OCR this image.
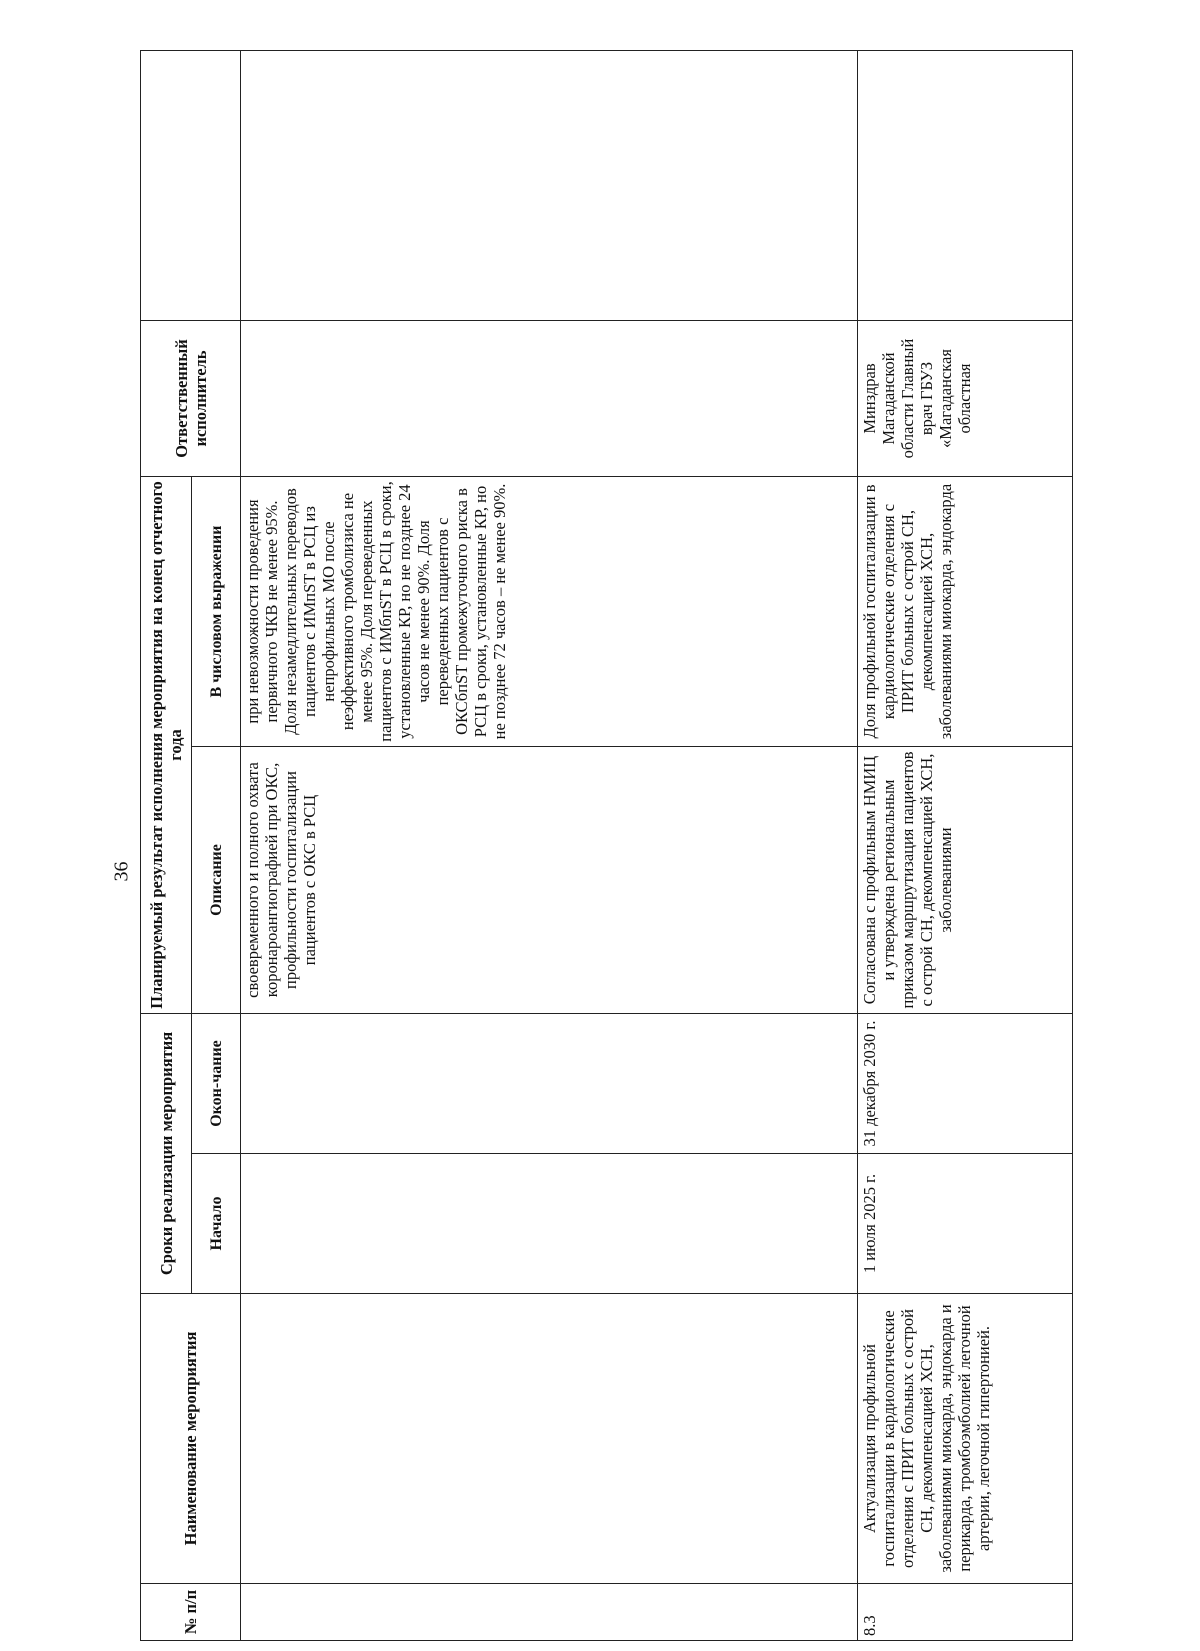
36
№ п/п	Наименование мероприятия	Сроки реализации мероприятия		Планируемый результат исполнения мероприятия на конец отчетного года		Ответственный исполнитель	
		Начало	Окон-чание	Описание	В числовом выражении		
				своевременного и полного охвата коронароангиографией при ОКС, профильности госпитализации пациентов с ОКС в РСЦ	при невозможности проведения первичного ЧКВ не менее 95%. Доля незамедлительных переводов пациентов с ИМпST в РСЦ из непрофильных МО после неэффективного тромболизиса не менее 95%. Доля переведенных пациентов с ИМбпST в РСЦ в сроки, установленные КР, но не позднее 24 часов не менее 90%. Доля переведенных пациентов с ОКСбпST промежуточного риска в РСЦ в сроки, установленные КР, но не позднее 72 часов – не менее 90%.		
8.3	Актуализация профильной госпитализации в кардиологические отделения с ПРИТ больных с острой СН, декомпенсацией ХСН, заболеваниями миокарда, эндокарда и перикарда, тромбоэмболией легочной артерии, легочной гипертонией.	1 июля 2025 г.	31 декабря 2030 г.	Согласована с профильным НМИЦ и утверждена региональным приказом маршрутизация пациентов с острой СН, декомпенсацией ХСН, заболеваниями	Доля профильной госпитализации в кардиологические отделения с ПРИТ больных с острой СН, декомпенсацией ХСН, заболеваниями миокарда, эндокарда	Минздрав Магаданской области Главный врач ГБУЗ «Магаданская областная	
